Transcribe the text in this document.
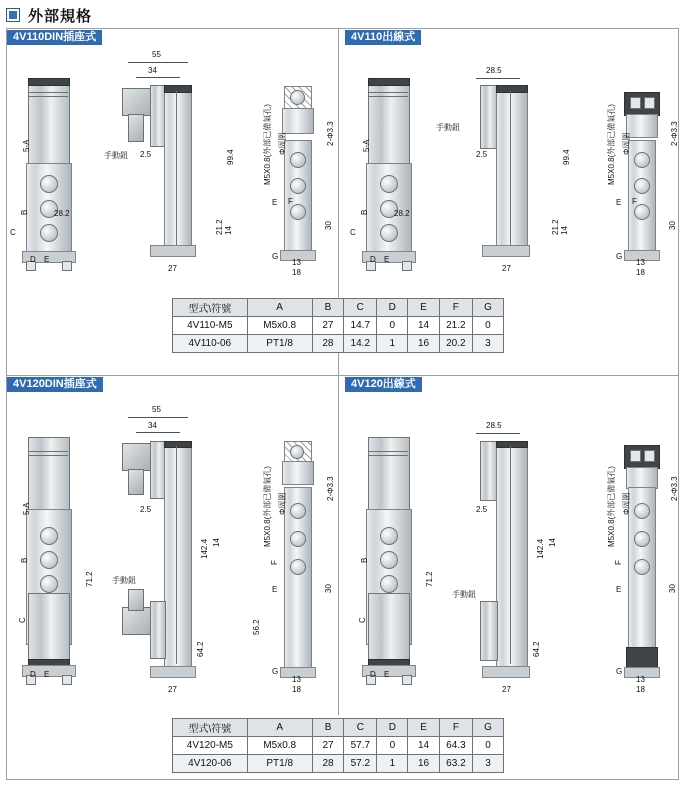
外部規格
4V110DIN插座式	4V110出線式
4V120DIN插座式	4V120出線式
5-A
B
C
D E
28.2
55
34
手動鈕 2.5
27
99.4
21.2 14
M5X0.8(外部已備氣孔) Φ周圍	2-Φ3.3
30
F
E
G
13
18
5-A
B
C
D E
28.2
手動鈕
28.5
2.5
27
99.4
21.2 14
M5X0.8(外部已備氣孔) Φ周圍	2-Φ3.3
30
F
E
G
13
18
型式\符號	A	B	C	D	E	F	G
4V110-M5	M5x0.8	27	14.7	0	14	21.2	0
4V110-06	PT1/8	28	14.2	1	16	20.2	3
5-A
B
C
D E
55
34
手動鈕
2.5
27
142.4 14
64.2
71.2
M5X0.8(外部已備氣孔) Φ周圍
2-Φ3.3
30
F
E
56.2
G
13
18
B
C
D E
71.2
28.5
2.5
手動鈕
27
142.4 14
64.2
M5X0.8(外部已備氣孔) Φ周圍
2-Φ3.3
30
F
E
G
13
18
型式\符號	A	B	C	D	E	F	G
4V120-M5	M5x0.8	27	57.7	0	14	64.3	0
4V120-06	PT1/8	28	57.2	1	16	63.2	3
